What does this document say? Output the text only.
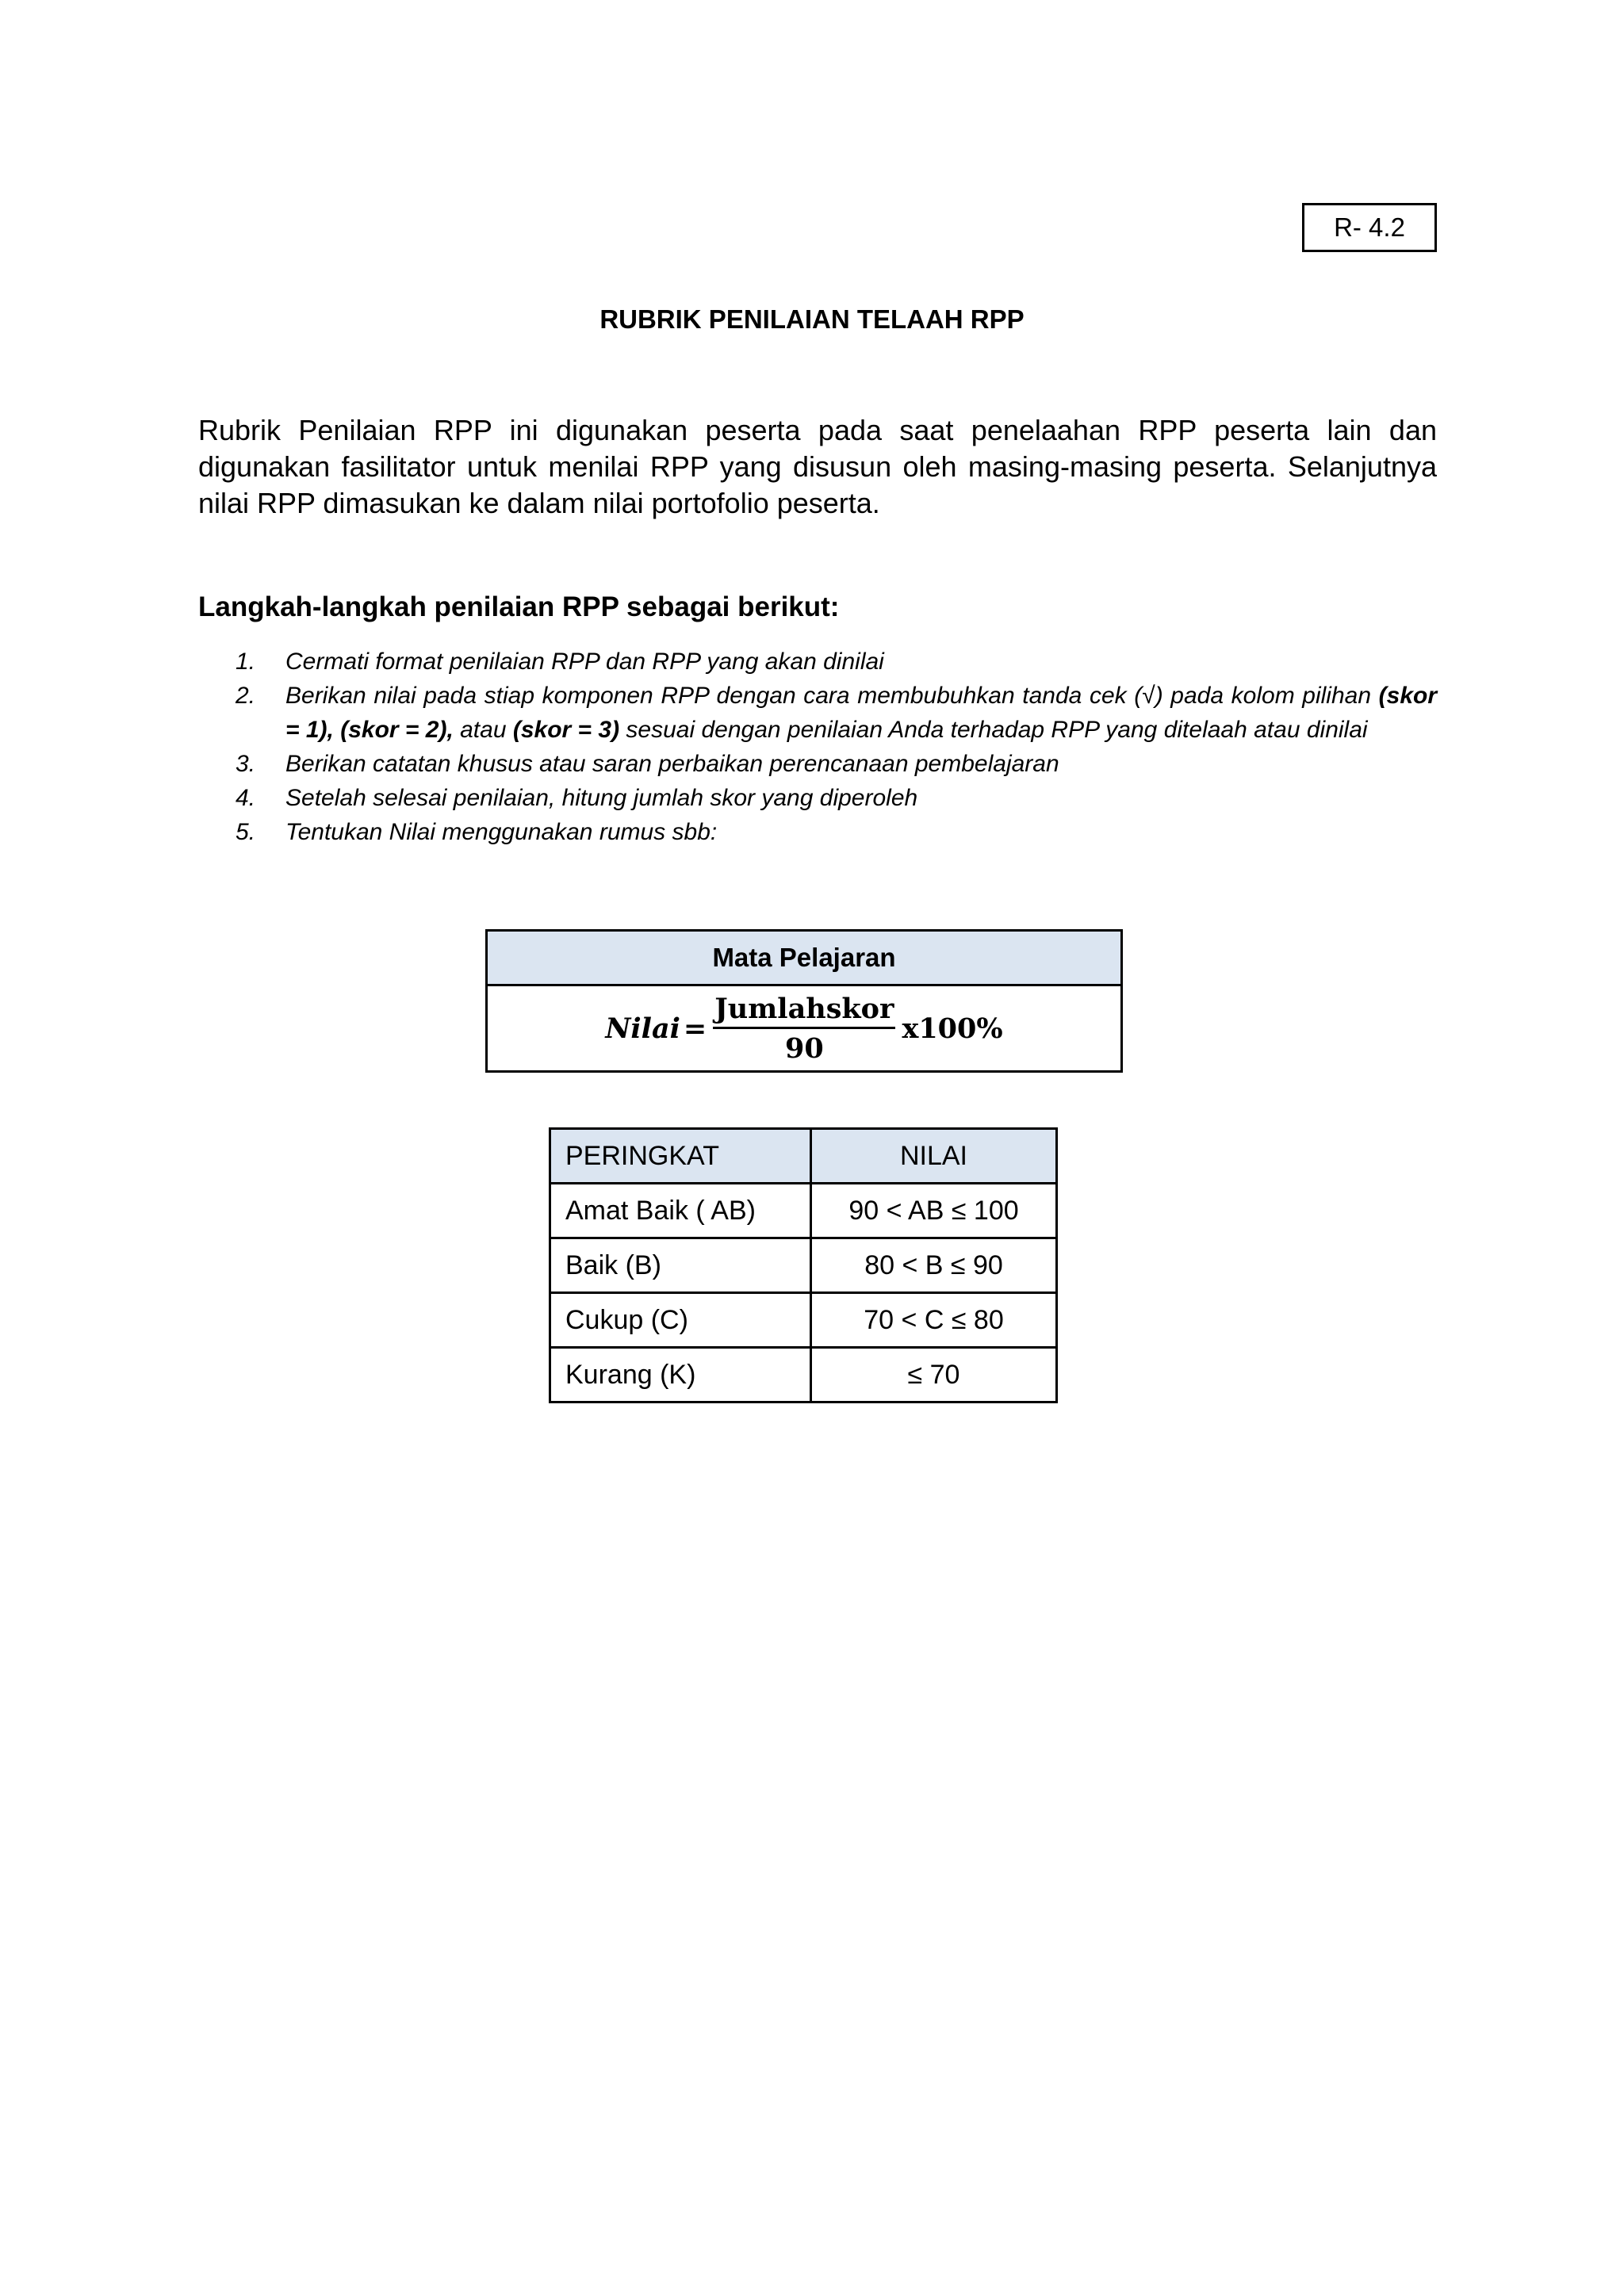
R- 4.2
RUBRIK PENILAIAN TELAAH RPP

Rubrik Penilaian RPP ini digunakan peserta pada saat penelaahan RPP peserta lain dan digunakan fasilitator untuk menilai RPP yang disusun oleh masing-masing peserta. Selanjutnya nilai RPP dimasukan ke dalam nilai portofolio peserta.

Langkah-langkah penilaian RPP sebagai berikut:
1.	Cermati format penilaian RPP dan RPP yang akan dinilai
2.	Berikan nilai pada stiap komponen RPP dengan cara membubuhkan tanda cek (√) pada kolom pilihan (skor = 1), (skor = 2), atau (skor = 3) sesuai dengan penilaian Anda terhadap RPP yang ditelaah atau dinilai
3.	Berikan catatan khusus atau saran perbaikan perencanaan pembelajaran
4.	Setelah selesai penilaian, hitung jumlah skor yang diperoleh
5.	Tentukan Nilai menggunakan rumus sbb:
Mata Pelajaran

Nilai = $\frac{\text{Jumlahskor}}{90} x100\%$
PERINGKAT	NILAI
Amat Baik ( AB)	90 < AB ≤ 100
Baik (B)	80 < B ≤ 90
Cukup (C)	70 < C ≤ 80
Kurang (K)	≤ 70
